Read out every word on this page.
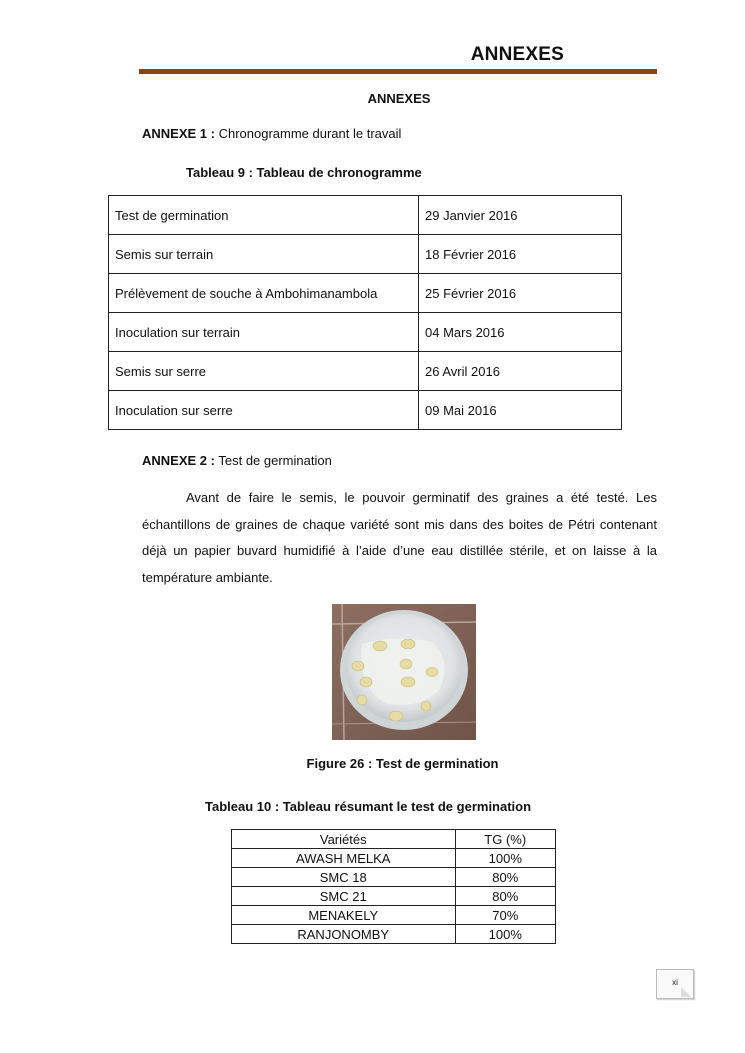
ANNEXES
ANNEXES
ANNEXE 1 : Chronogramme durant le travail
Tableau 9 : Tableau de chronogramme
Test de germination	29 Janvier 2016
Semis sur terrain	18 Février 2016
Prélèvement de souche à Ambohimanambola	25 Février 2016
Inoculation sur terrain	04 Mars 2016
Semis sur serre	26 Avril 2016
Inoculation sur serre	09 Mai 2016
ANNEXE 2 : Test de germination
Avant de faire le semis, le pouvoir germinatif des graines a été testé. Les échantillons de graines de chaque variété sont mis dans des boites de Pétri contenant déjà un papier buvard humidifié à l’aide d’une eau distillée stérile, et on laisse à la température ambiante.
Figure 26 : Test de germination
Tableau 10 : Tableau résumant le test de germination
Variétés	TG (%)
AWASH MELKA	100%
SMC 18	80%
SMC 21	80%
MENAKELY	70%
RANJONOMBY	100%
xi
